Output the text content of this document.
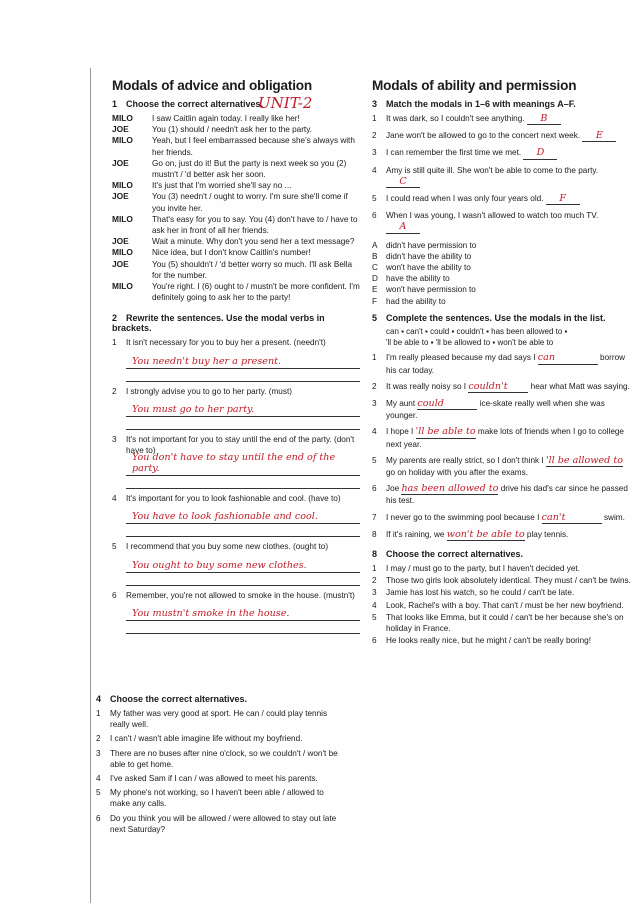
UNIT-2
Modals of advice and obligation
1 Choose the correct alternatives.
MILO	I saw Caitlin again today. I really like her!
JOE	You (1) should / needn't ask her to the party.
MILO	Yeah, but I feel embarrassed because she's always with her friends.
JOE	Go on, just do it! But the party is next week so you (2) mustn't / 'd better ask her soon.
MILO	It's just that I'm worried she'll say no ...
JOE	You (3) needn't / ought to worry. I'm sure she'll come if you invite her.
MILO	That's easy for you to say. You (4) don't have to / have to ask her in front of all her friends.
JOE	Wait a minute. Why don't you send her a text message?
MILO	Nice idea, but I don't know Caitlin's number!
JOE	You (5) shouldn't / 'd better worry so much. I'll ask Bella for the number.
MILO	You're right. I (6) ought to / mustn't be more confident. I'm definitely going to ask her to the party!
2 Rewrite the sentences. Use the modal verbs in brackets.
1	It isn't necessary for you to buy her a present. (needn't)
You needn't buy her a present.
2	I strongly advise you to go to her party. (must)
You must go to her party.
3	It's not important for you to stay until the end of the party. (don't have to)
You don't have to stay until the end of the party.
4	It's important for you to look fashionable and cool. (have to)
You have to look fashionable and cool.
5	I recommend that you buy some new clothes. (ought to)
You ought to buy some new clothes.
6	Remember, you're not allowed to smoke in the house. (mustn't)
You mustn't smoke in the house.
4 Choose the correct alternatives.
1	My father was very good at sport. He can / could play tennis really well.
2	I can't / wasn't able imagine life without my boyfriend.
3	There are no buses after nine o'clock, so we couldn't / won't be able to get home.
4	I've asked Sam if I can / was allowed to meet his parents.
5	My phone's not working, so I haven't been able / allowed to make any calls.
6	Do you think you will be allowed / were allowed to stay out late next Saturday?
Modals of ability and permission
3 Match the modals in 1–6 with meanings A–F.
1	It was dark, so I couldn't see anything. B
2	Jane won't be allowed to go to the concert next week. E
3	I can remember the first time we met. D
4	Amy is still quite ill. She won't be able to come to the party. C
5	I could read when I was only four years old. F
6	When I was young, I wasn't allowed to watch too much TV. A
A	didn't have permission to
B	didn't have the ability to
C won't have the ability to
D have the ability to
E	won't have permission to
F	had the ability to
5 Complete the sentences. Use the modals in the list.
can ▪ can't ▪ could ▪ couldn't ▪ has been allowed to ▪
'll be able to ▪ 'll be allowed to ▪ won't be able to
1	I'm really pleased because my dad says I can	borrow his car today.
2	It was really noisy so I couldn't	hear what Matt was saying.
3	My aunt could	ice-skate really well when she was younger.
4	I hope I 'll be able to make lots of friends when I go to college next year.
5	My parents are really strict, so I don't think I 'll be allowed to go on holiday with you after the exams.
6	Joe has been allowed to drive his dad's car since he passed his test.
7	I never go to the swimming pool because I can't	swim.
8	If it's raining, we won't be able to play tennis.
8 Choose the correct alternatives.
1	I may / must go to the party, but I haven't decided yet.
2	Those two girls look absolutely identical. They must / can't be twins.
3	Jamie has lost his watch, so he could / can't be late.
4	Look, Rachel's with a boy. That can't / must be her new boyfriend.
5	That looks like Emma, but it could / can't be her because she's on holiday in France.
6	He looks really nice, but he might / can't be really boring!
